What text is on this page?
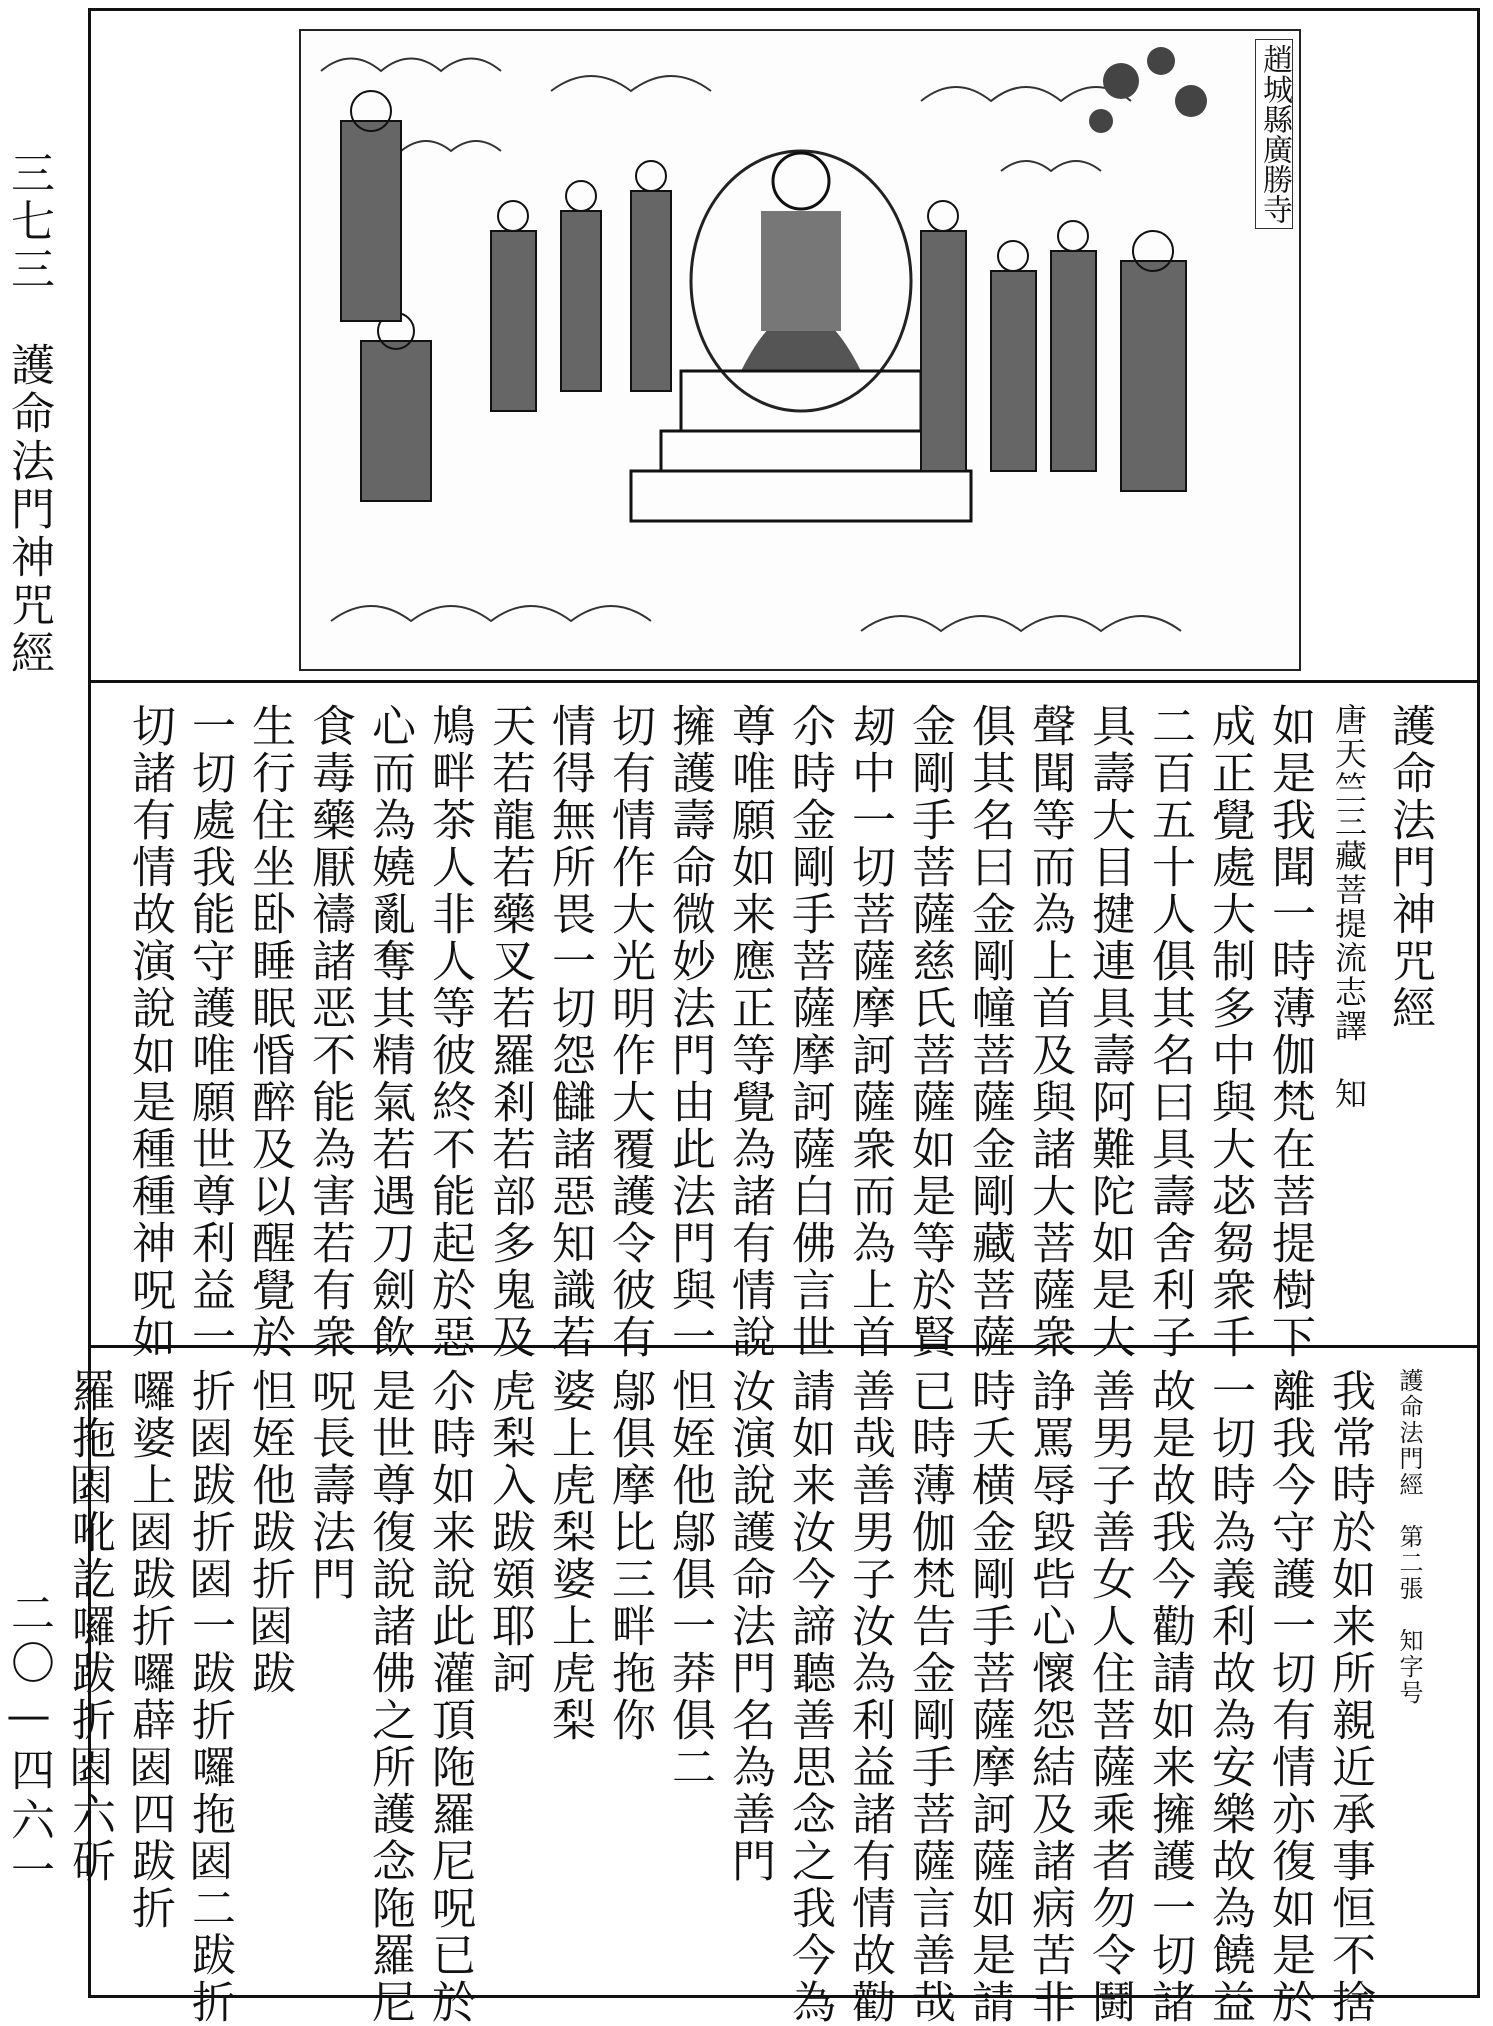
三七三　護命法門神咒經
二〇—四六一
趙城縣廣勝寺
護命法門神咒經
唐天竺三藏菩提流志譯　知
如是我聞一時薄伽梵在菩提樹下
成正覺處大制多中與大苾芻衆千
二百五十人俱其名曰具壽舍利子
具壽大目揵連具壽阿難陀如是大
聲聞等而為上首及與諸大菩薩衆
俱其名曰金剛幢菩薩金剛藏菩薩
金剛手菩薩慈氏菩薩如是等於賢
刼中一切菩薩摩訶薩衆而為上首
尒時金剛手菩薩摩訶薩白佛言世
尊唯願如来應正等覺為諸有情說
擁護壽命微妙法門由此法門與一
切有情作大光明作大覆護令彼有
情得無所畏一切怨讎諸惡知識若
天若龍若藥叉若羅剎若部多鬼及
鳩畔茶人非人等彼終不能起於惡
心而為嬈亂奪其精氣若遇刀劍飲
食毒藥厭禱諸恶不能為害若有衆
生行住坐卧睡眠惛醉及以醒覺於
一切處我能守護唯願世尊利益一
切諸有情故演說如是種種神呪如
護命法門經　第二張　知字号
我常時於如来所親近承事恒不捨
離我今守護一切有情亦復如是於
一切時為義利故為安樂故為饒益
故是故我今勸請如来擁護一切諸
善男子善女人住菩薩乘者勿令鬪
諍罵辱毀呰心懷怨結及諸病苦非
時夭横金剛手菩薩摩訶薩如是請
已時薄伽梵告金剛手菩薩言善哉
善哉善男子汝為利益諸有情故勸
請如来汝今諦聽善思念之我今為
汝演說護命法門名為善門
怛姪他鄔俱一莽俱二
鄔俱摩比三畔拖你
婆上虎梨婆上虎梨
虎梨入跋頞耶訶
尒時如来說此灌頂陁羅尼呪已於
是世尊復說諸佛之所護念陁羅尼
呪長壽法門
怛姪他跋折𡇴跋
折𡇴跋折𡇴一跋折囉拖𡇴二跋折
囉婆上𡇴跋折囉薜𡇴四跋折
羅拖𡇴吪訖囉跋折𡇴六斫
